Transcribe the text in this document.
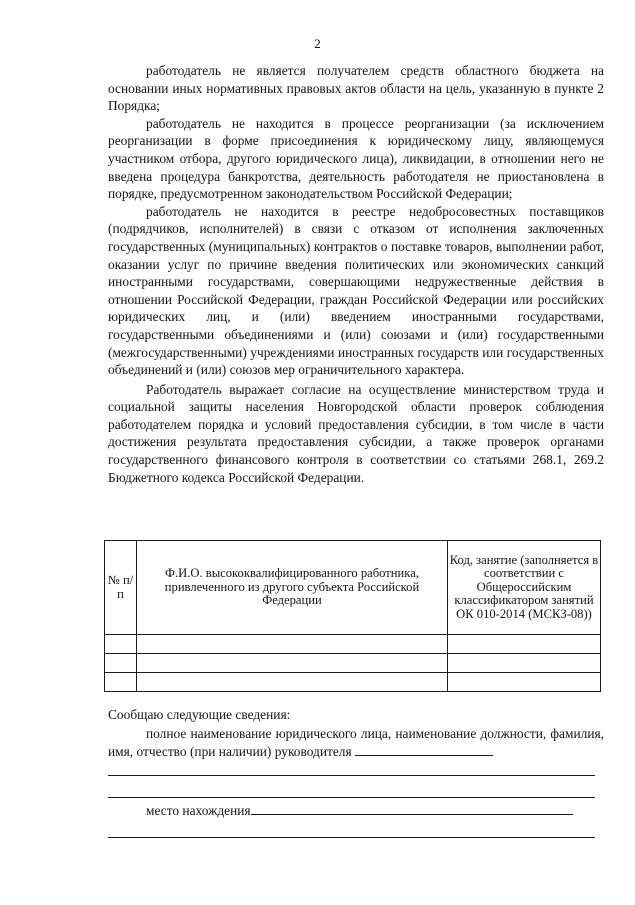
2

работодатель не является получателем средств областного бюджета на основании иных нормативных правовых актов области на цель, указанную в пункте 2 Порядка;

работодатель не находится в процессе реорганизации (за исключением реорганизации в форме присоединения к юридическому лицу, являющемуся участником отбора, другого юридического лица), ликвидации, в отношении него не введена процедура банкротства, деятельность работодателя не приостановлена в порядке, предусмотренном законодательством Российской Федерации;

работодатель не находится в реестре недобросовестных поставщиков (подрядчиков, исполнителей) в связи с отказом от исполнения заключенных государственных (муниципальных) контрактов о поставке товаров, выполнении работ, оказании услуг по причине введения политических или экономических санкций иностранными государствами, совершающими недружественные действия в отношении Российской Федерации, граждан Российской Федерации или российских юридических лиц, и (или) введением иностранными государствами, государственными объединениями и (или) союзами и (или) государственными (межгосударственными) учреждениями иностранных государств или государственных объединений и (или) союзов мер ограничительного характера.

Работодатель выражает согласие на осуществление министерством труда и социальной защиты населения Новгородской области проверок соблюдения работодателем порядка и условий предоставления субсидии, в том числе в части достижения результата предоставления субсидии, а также проверок органами государственного финансового контроля в соответствии со статьями 268.1, 269.2 Бюджетного кодекса Российской Федерации.

№ п/п	Ф.И.О. высококвалифицированного работника, привлеченного из другого субъекта Российской Федерации	Код, занятие (заполняется в соответствии с Общероссийским классификатором занятий ОК 010-2014 (МСКЗ-08))

Сообщаю следующие сведения:

полное наименование юридического лица, наименование должности, фамилия, имя, отчество (при наличии) руководителя

место нахождения
